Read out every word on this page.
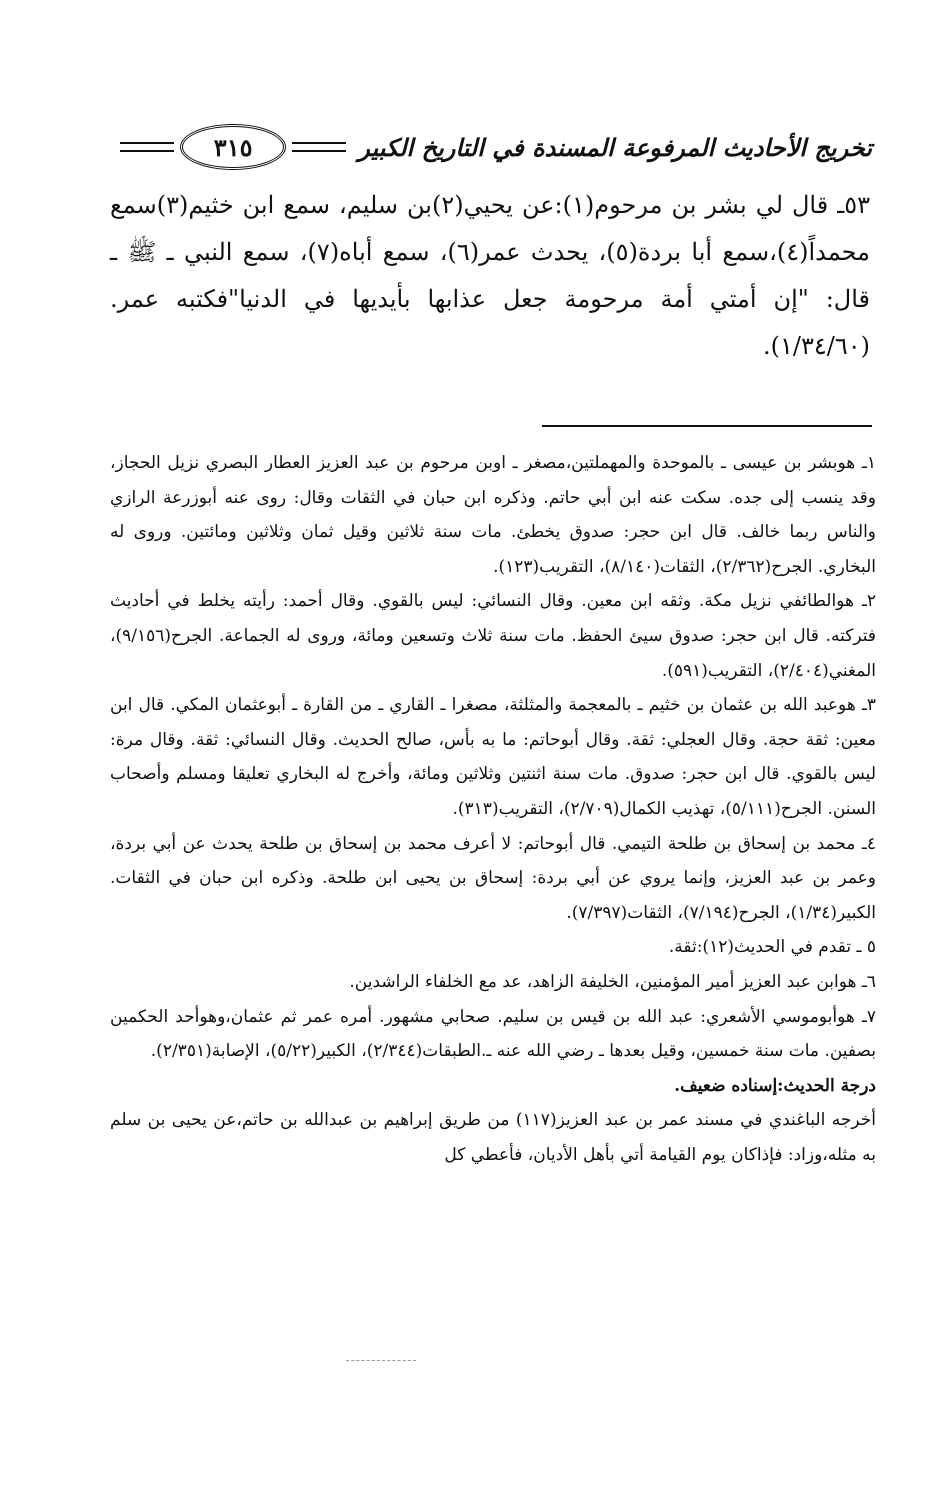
تخريج الأحاديث المرفوعة المسندة في التاريخ الكبير
٣١٥

٥٣ـ قال لي بشر بن مرحوم(١):عن يحيي(٢)بن سليم، سمع ابن خثيم(٣)سمع محمداً(٤)،سمع أبا بردة(٥)، يحدث عمر(٦)، سمع أباه(٧)، سمع النبي ـ ﷺ ـ قال: "إن أمتي أمة مرحومة جعل عذابها بأيديها في الدنيا"فكتبه عمر. (١/٣٤/٦٠).

١ـ هوبشر بن عيسى ـ بالموحدة والمهملتين،مصغر ـ اوبن مرحوم بن عبد العزيز العطار البصري نزيل الحجاز، وقد ينسب إلى جده. سكت عنه ابن أبي حاتم. وذكره ابن حبان في الثقات وقال: روى عنه أبوزرعة الرازي والناس ربما خالف. قال ابن حجر: صدوق يخطئ. مات سنة ثلاثين وقيل ثمان وثلاثين ومائتين. وروى له البخاري. الجرح(٢/٣٦٢)، الثقات(٨/١٤٠)، التقريب(١٢٣).

٢ـ هوالطائفي نزيل مكة. وثقه ابن معين. وقال النسائي: ليس بالقوي. وقال أحمد: رأيته يخلط في أحاديث فتركته. قال ابن حجر: صدوق سيئ الحفظ. مات سنة ثلاث وتسعين ومائة، وروى له الجماعة. الجرح(٩/١٥٦)، المغني(٢/٤٠٤)، التقريب(٥٩١).

٣ـ هوعبد الله بن عثمان بن خثيم ـ بالمعجمة والمثلثة، مصغرا ـ القاري ـ من القارة ـ أبوعثمان المكي. قال ابن معين: ثقة حجة. وقال العجلي: ثقة. وقال أبوحاتم: ما به بأس، صالح الحديث. وقال النسائي: ثقة. وقال مرة: ليس بالقوي. قال ابن حجر: صدوق. مات سنة اثنتين وثلاثين ومائة، وأخرج له البخاري تعليقا ومسلم وأصحاب السنن. الجرح(٥/١١١)، تهذيب الكمال(٢/٧٠٩)، التقريب(٣١٣).

٤ـ محمد بن إسحاق بن طلحة التيمي. قال أبوحاتم: لا أعرف محمد بن إسحاق بن طلحة يحدث عن أبي بردة، وعمر بن عبد العزيز، وإنما يروي عن أبي بردة: إسحاق بن يحيى ابن طلحة. وذكره ابن حبان في الثقات. الكبير(١/٣٤)، الجرح(٧/١٩٤)، الثقات(٧/٣٩٧).

٥ ـ تقدم في الحديث(١٢):ثقة.

٦ـ هوابن عبد العزيز أمير المؤمنين، الخليفة الزاهد، عد مع الخلفاء الراشدين.

٧ـ هوأبوموسي الأشعري: عبد الله بن قيس بن سليم. صحابي مشهور. أمره عمر ثم عثمان،وهوأحد الحكمين بصفين. مات سنة خمسين، وقيل بعدها ـ رضي الله عنه ـ.الطبقات(٢/٣٤٤)، الكبير(٥/٢٢)، الإصابة(٢/٣٥١).

درجة الحديث:إسناده ضعيف.

أخرجه الباغندي في مسند عمر بن عبد العزيز(١١٧) من طريق إبراهيم بن عبدالله بن حاتم،عن يحيى بن سلم به مثله،وزاد: فإذاكان يوم القيامة أتي بأهل الأديان، فأعطي كل
